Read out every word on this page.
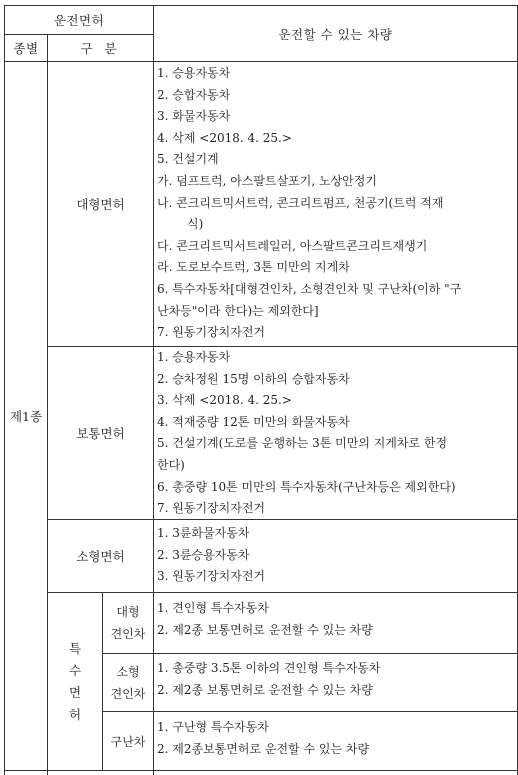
운전면허
종별	구 분
운전할 수 있는 차량
제1종
대형면허
1. 승용자동차
2. 승합자동차
3. 화물자동차
4. 삭제 <2018. 4. 25.>
5. 건설기계
가. 덤프트럭, 아스팔트살포기, 노상안정기
나. 콘크리트믹서트럭, 콘크리트펌프, 천공기(트럭 적재
식)
다. 콘크리트믹서트레일러, 아스팔트콘크리트재생기
라. 도로보수트럭, 3톤 미만의 지게차
6. 특수자동차[대형견인차, 소형견인차 및 구난차(이하 "구
난차등"이라 한다)는 제외한다]
7. 원동기장치자전거
보통면허
1. 승용자동차
2. 승차정원 15명 이하의 승합자동차
3. 삭제 <2018. 4. 25.>
4. 적재중량 12톤 미만의 화물자동차
5. 건설기계(도로를 운행하는 3톤 미만의 지게차로 한정
한다)
6. 총중량 10톤 미만의 특수자동차(구난차등은 제외한다)
7. 원동기장치자전거
소형면허
1. 3륜화물자동차
2. 3륜승용자동차
3. 원동기장치자전거
특
수
면
허
대형
견인차
1. 견인형 특수자동차
2. 제2종 보통면허로 운전할 수 있는 차량
소형
견인차
1. 총중량 3.5톤 이하의 견인형 특수자동차
2. 제2종 보통면허로 운전할 수 있는 차량
구난차
1. 구난형 특수자동차
2. 제2종보통면허로 운전할 수 있는 차량
